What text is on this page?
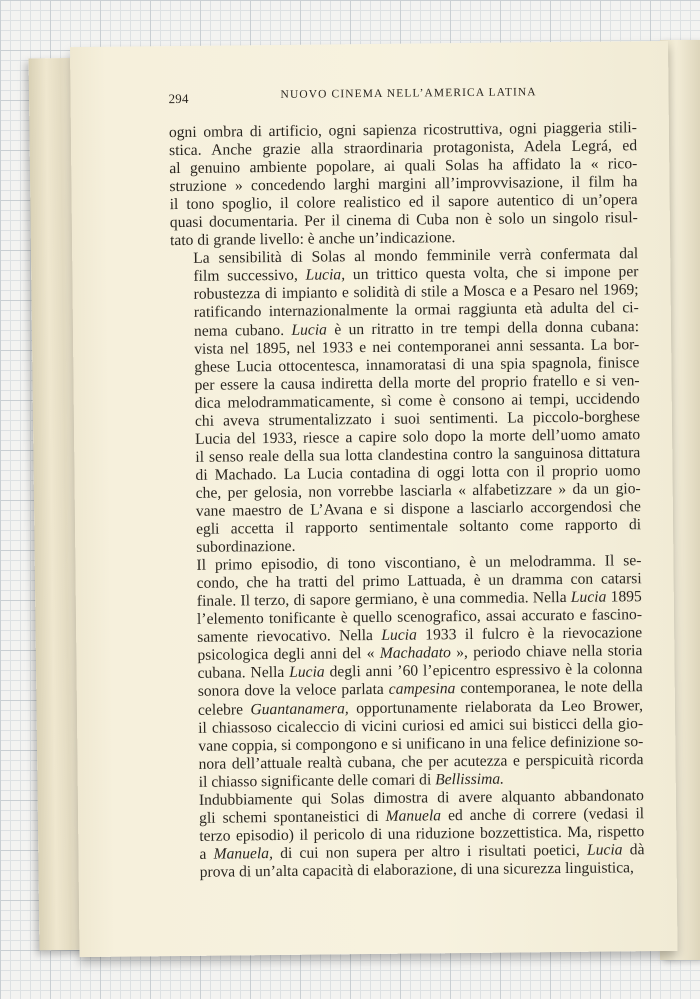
294	NUOVO CINEMA NELL’AMERICA LATINA

ogni ombra di artificio, ogni sapienza ricostruttiva, ogni piaggeria stili-
stica. Anche grazie alla straordinaria protagonista, Adela Legrá, ed
al genuino ambiente popolare, ai quali Solas ha affidato la « rico-
struzione » concedendo larghi margini all’improvvisazione, il film ha
il tono spoglio, il colore realistico ed il sapore autentico di un’opera
quasi documentaria. Per il cinema di Cuba non è solo un singolo risul-
tato di grande livello: è anche un’indicazione.

La sensibilità di Solas al mondo femminile verrà confermata dal
film successivo, Lucia, un trittico questa volta, che si impone per
robustezza di impianto e solidità di stile a Mosca e a Pesaro nel 1969;
ratificando internazionalmente la ormai raggiunta età adulta del ci-
nema cubano. Lucia è un ritratto in tre tempi della donna cubana:
vista nel 1895, nel 1933 e nei contemporanei anni sessanta. La bor-
ghese Lucia ottocentesca, innamoratasi di una spia spagnola, finisce
per essere la causa indiretta della morte del proprio fratello e si ven-
dica melodrammaticamente, sì come è consono ai tempi, uccidendo
chi aveva strumentalizzato i suoi sentimenti. La piccolo-borghese
Lucia del 1933, riesce a capire solo dopo la morte dell’uomo amato
il senso reale della sua lotta clandestina contro la sanguinosa dittatura
di Machado. La Lucia contadina di oggi lotta con il proprio uomo
che, per gelosia, non vorrebbe lasciarla « alfabetizzare » da un gio-
vane maestro de L’Avana e si dispone a lasciarlo accorgendosi che
egli accetta il rapporto sentimentale soltanto come rapporto di
subordinazione.

Il primo episodio, di tono viscontiano, è un melodramma. Il se-
condo, che ha tratti del primo Lattuada, è un dramma con catarsi
finale. Il terzo, di sapore germiano, è una commedia. Nella Lucia 1895
l’elemento tonificante è quello scenografico, assai accurato e fascino-
samente rievocativo. Nella Lucia 1933 il fulcro è la rievocazione
psicologica degli anni del « Machadato », periodo chiave nella storia
cubana. Nella Lucia degli anni ’60 l’epicentro espressivo è la colonna
sonora dove la veloce parlata campesina contemporanea, le note della
celebre Guantanamera, opportunamente rielaborata da Leo Brower,
il chiassoso cicaleccio di vicini curiosi ed amici sui bisticci della gio-
vane coppia, si compongono e si unificano in una felice definizione so-
nora dell’attuale realtà cubana, che per acutezza e perspicuità ricorda
il chiasso significante delle comari di Bellissima.

Indubbiamente qui Solas dimostra di avere alquanto abbandonato
gli schemi spontaneistici di Manuela ed anche di correre (vedasi il
terzo episodio) il pericolo di una riduzione bozzettistica. Ma, rispetto
a Manuela, di cui non supera per altro i risultati poetici, Lucia dà
prova di un’alta capacità di elaborazione, di una sicurezza linguistica,
